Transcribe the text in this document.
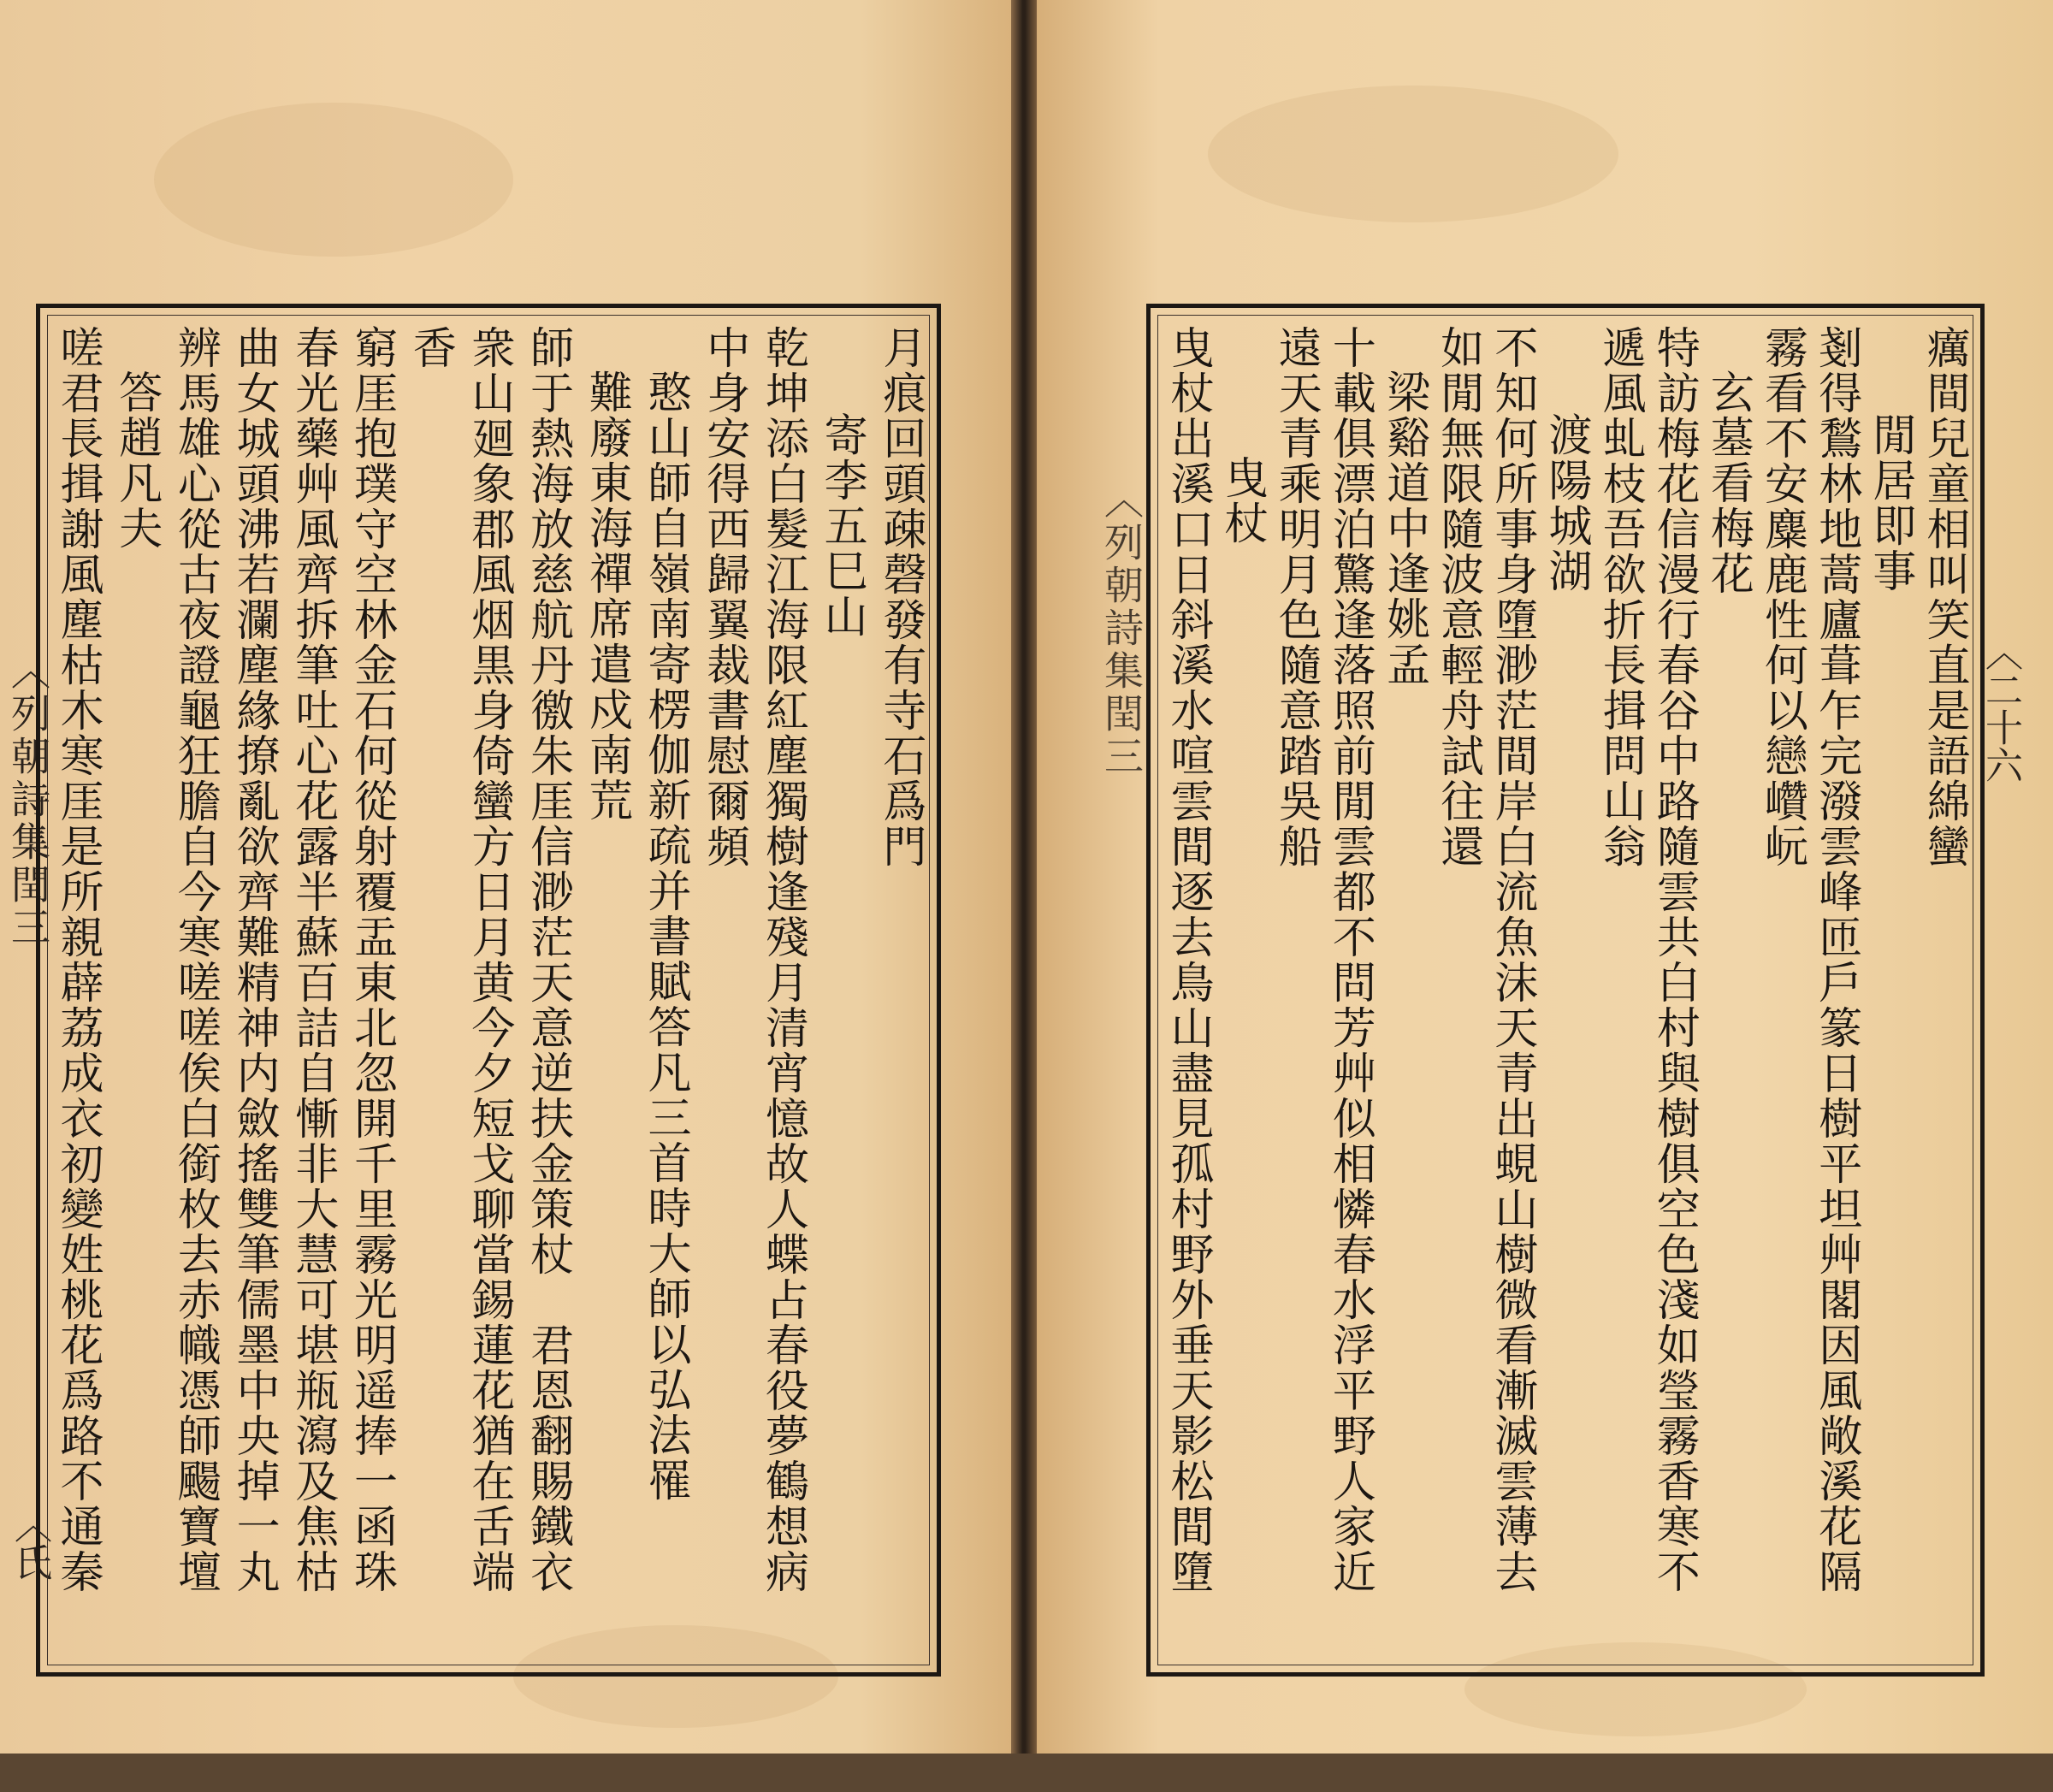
〈列朝詩集閏三
〈氏
月痕回頭疎磬發有寺石爲門
寄李五巳山
乾坤添白髮江海限紅塵獨樹逢殘月清宵憶故人蝶占春役夢鶴想病
中身安得西歸翼裁書慰爾頻
憨山師自嶺南寄楞伽新疏并書賦答凡三首時大師以弘法罹
難廢東海禪席遣戍南荒
師于熱海放慈航丹徼朱厓信渺茫天意逆扶金策杖　君恩翻賜鐵衣
衆山廻象郡風烟黒身倚蠻方日月黄今夕短戈聊當錫蓮花猶在舌端
香
窮厓抱璞守空林金石何從射覆盂東北忽開千里霧光明遥捧一函珠
春光藥艸風齊拆筆吐心花露半蘇百詰自慚非大慧可堪瓶瀉及焦枯
曲女城頭沸若瀾塵緣撩亂欲齊難精神内斂搖雙筆儒墨中央掉一丸
辨馬雄心從古夜證龜狂膽自今寒嗟嗟俟白銜枚去赤幟憑師颺寶壇
答趙凡夫
嗟君長揖謝風塵枯木寒厓是所親薜荔成衣初變姓桃花爲路不通秦	〈列朝詩集閏三	〈二十六
癘間兒童相叫笑直是語綿蠻
閒居即事
剗得鶖林地蒿廬葺乍完潑雲峰匝戶篆日樹平坦艸閣因風敞溪花隔
霧看不安麋鹿性何以戀巑岏
玄墓看梅花
特訪梅花信漫行春谷中路隨雲共白村與樹俱空色淺如瑩霧香寒不
遞風虬枝吾欲折長揖問山翁
渡陽城湖
不知何所事身墮渺茫間岸白流魚沫天青出蜆山樹微看漸滅雲薄去
如閒無限隨波意輕舟試往還
梁谿道中逢姚孟
十載俱漂泊驚逢落照前閒雲都不問芳艸似相憐春水浮平野人家近
遠天青乘明月色隨意踏吳船
曳杖
曳杖出溪口日斜溪水喧雲間逐去鳥山盡見孤村野外垂天影松間墮
